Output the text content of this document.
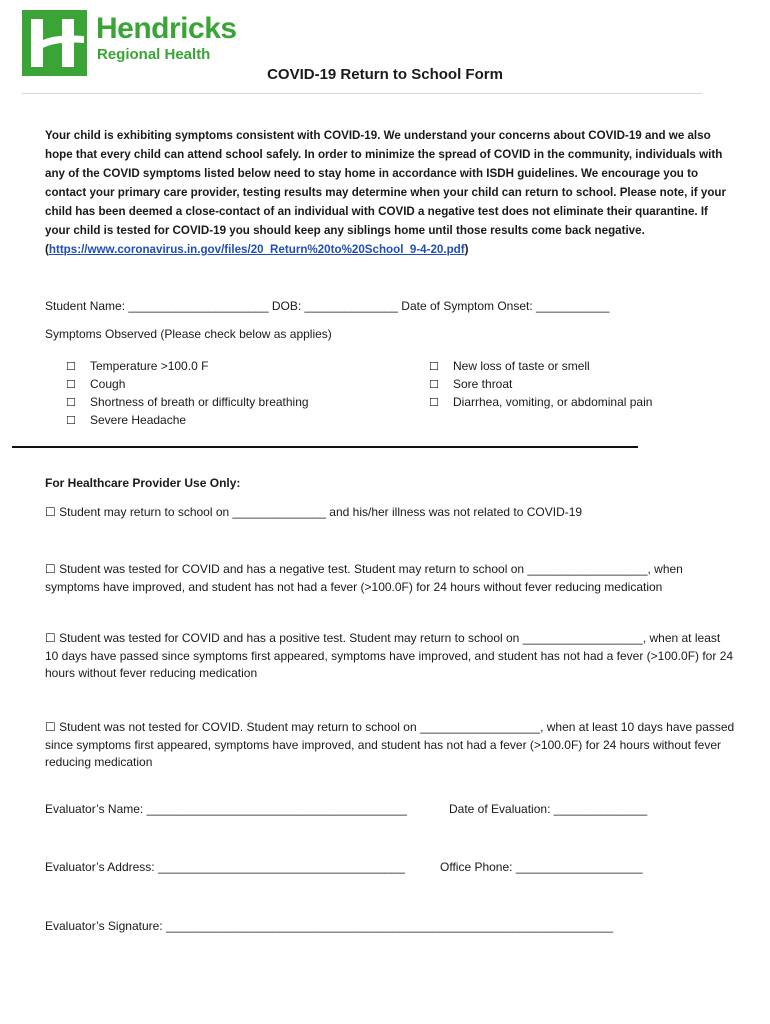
Hendricks
Regional Health
COVID-19 Return to School Form
Your child is exhibiting symptoms consistent with COVID-19. We understand your concerns about COVID-19 and we also hope that every child can attend school safely. In order to minimize the spread of COVID in the community, individuals with any of the COVID symptoms listed below need to stay home in accordance with ISDH guidelines. We encourage you to contact your primary care provider, testing results may determine when your child can return to school. Please note, if your child has been deemed a close-contact of an individual with COVID a negative test does not eliminate their quarantine. If your child is tested for COVID-19 you should keep any siblings home until those results come back negative. (https://www.coronavirus.in.gov/files/20_Return%20to%20School_9-4-20.pdf)
Student Name: _____________________ DOB: ______________ Date of Symptom Onset: ___________
Symptoms Observed (Please check below as applies)
☐ Temperature >100.0 F
☐ Cough
☐ Shortness of breath or difficulty breathing
☐ Severe Headache
☐ New loss of taste or smell
☐ Sore throat
☐ Diarrhea, vomiting, or abdominal pain
For Healthcare Provider Use Only:
☐ Student may return to school on ______________ and his/her illness was not related to COVID-19
☐ Student was tested for COVID and has a negative test. Student may return to school on __________________, when symptoms have improved, and student has not had a fever (>100.0F) for 24 hours without fever reducing medication
☐ Student was tested for COVID and has a positive test. Student may return to school on __________________, when at least 10 days have passed since symptoms first appeared, symptoms have improved, and student has not had a fever (>100.0F) for 24 hours without fever reducing medication
☐ Student was not tested for COVID. Student may return to school on __________________, when at least 10 days have passed since symptoms first appeared, symptoms have improved, and student has not had a fever (>100.0F) for 24 hours without fever reducing medication
Evaluator’s Name: _______________________________________	Date of Evaluation: ______________
Evaluator’s Address: _____________________________________	Office Phone: ___________________
Evaluator’s Signature: ___________________________________________________________________
